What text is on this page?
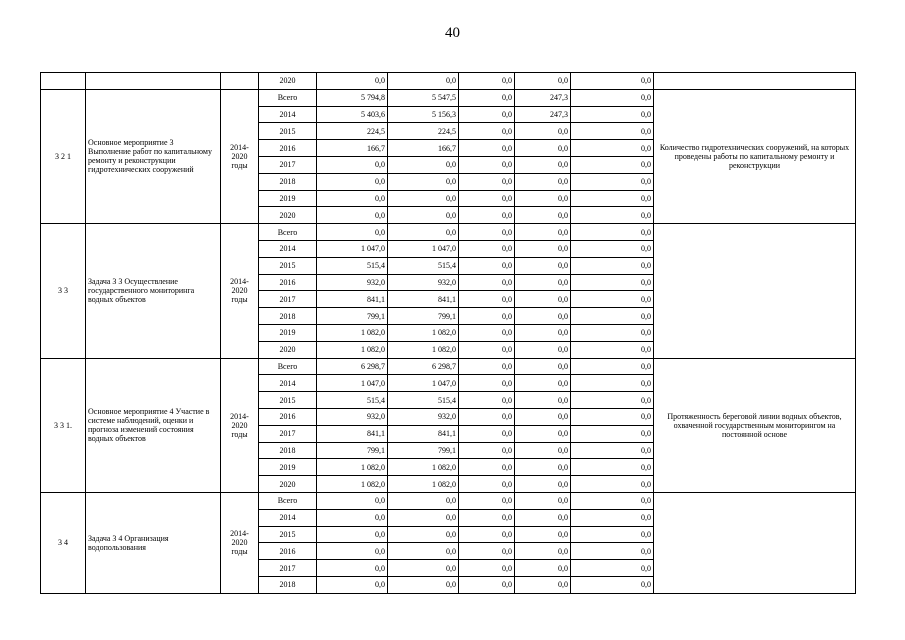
40
			2020	0,0	0,0	0,0	0,0	0,0	
3 2 1	Основное мероприятие 3 Выполнение работ по капитальному ремонту и реконструкции гидротехнических сооружений	2014-2020 годы	Всего	5 794,8	5 547,5	0,0	247,3	0,0	Количество гидротехнических сооружений, на которых проведены работы по капитальному ремонту и реконструкции
			2014	5 403,6	5 156,3	0,0	247,3	0,0	
			2015	224,5	224,5	0,0	0,0	0,0	
			2016	166,7	166,7	0,0	0,0	0,0	
			2017	0,0	0,0	0,0	0,0	0,0	
			2018	0,0	0,0	0,0	0,0	0,0	
			2019	0,0	0,0	0,0	0,0	0,0	
			2020	0,0	0,0	0,0	0,0	0,0	
3 3	Задача 3 3 Осуществление государственного мониторинга водных объектов	2014-2020 годы	Всего	0,0	0,0	0,0	0,0	0,0	
			2014	1 047,0	1 047,0	0,0	0,0	0,0	
			2015	515,4	515,4	0,0	0,0	0,0	
			2016	932,0	932,0	0,0	0,0	0,0	
			2017	841,1	841,1	0,0	0,0	0,0	
			2018	799,1	799,1	0,0	0,0	0,0	
			2019	1 082,0	1 082,0	0,0	0,0	0,0	
			2020	1 082,0	1 082,0	0,0	0,0	0,0	
3 3 1.	Основное мероприятие 4 Участие в системе наблюдений, оценки и прогноза изменений состояния водных объектов	2014-2020 годы	Всего	6 298,7	6 298,7	0,0	0,0	0,0	Протяженность береговой линии водных объектов, охваченной государственным мониторингом на постоянной основе
			2014	1 047,0	1 047,0	0,0	0,0	0,0	
			2015	515,4	515,4	0,0	0,0	0,0	
			2016	932,0	932,0	0,0	0,0	0,0	
			2017	841,1	841,1	0,0	0,0	0,0	
			2018	799,1	799,1	0,0	0,0	0,0	
			2019	1 082,0	1 082,0	0,0	0,0	0,0	
			2020	1 082,0	1 082,0	0,0	0,0	0,0	
3 4	Задача 3 4 Организация водопользования	2014-2020 годы	Всего	0,0	0,0	0,0	0,0	0,0	
			2014	0,0	0,0	0,0	0,0	0,0	
			2015	0,0	0,0	0,0	0,0	0,0	
			2016	0,0	0,0	0,0	0,0	0,0	
			2017	0,0	0,0	0,0	0,0	0,0	
			2018	0,0	0,0	0,0	0,0	0,0	
